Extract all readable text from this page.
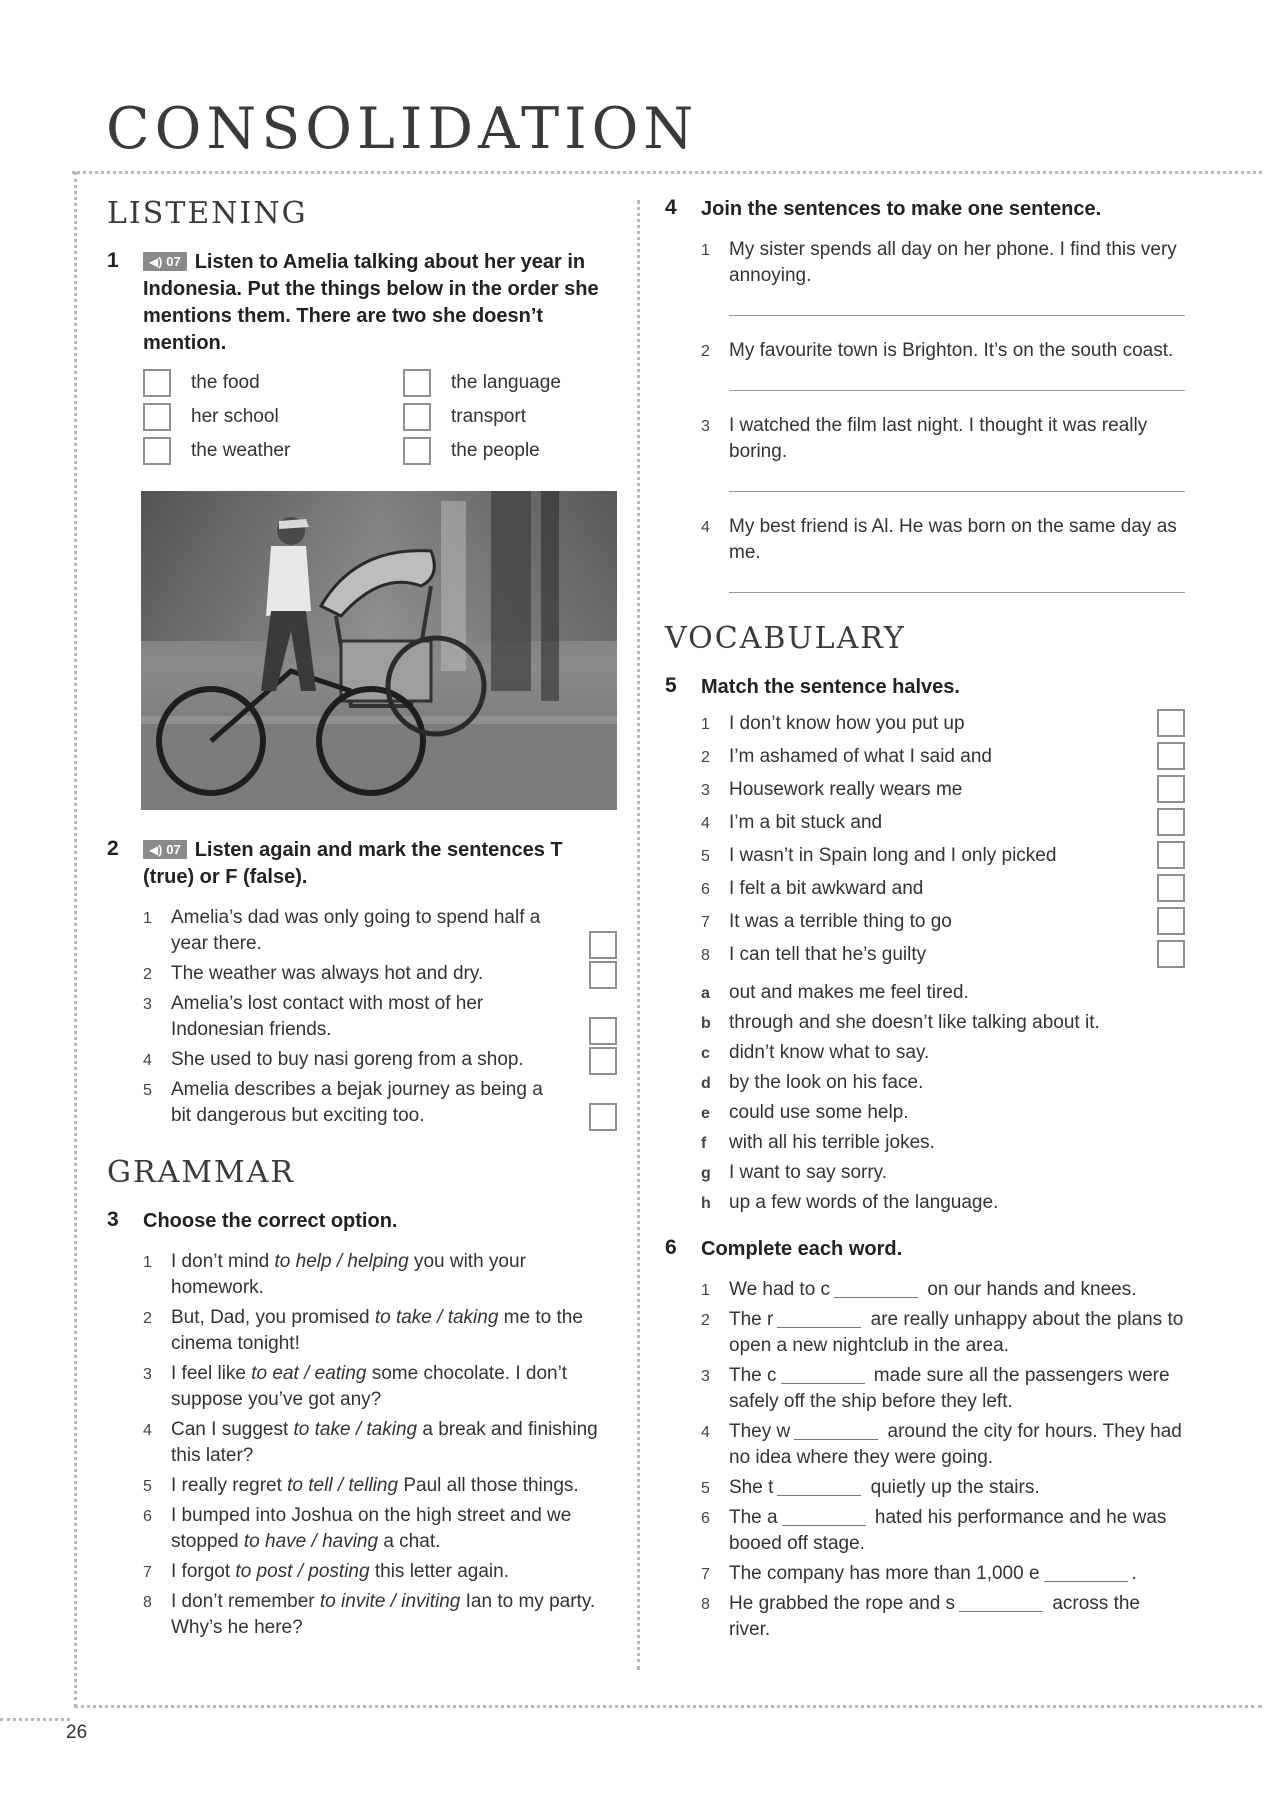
CONSOLIDATION
LISTENING
1	◀) 07 Listen to Amelia talking about her year in Indonesia. Put the things below in the order she mentions them. There are two she doesn’t mention.
the food	the language
her school	transport
the weather	the people
2	◀) 07 Listen again and mark the sentences T (true) or F (false).
1 Amelia’s dad was only going to spend half a year there.
2 The weather was always hot and dry.
3 Amelia’s lost contact with most of her Indonesian friends.
4 She used to buy nasi goreng from a shop.
5 Amelia describes a bejak journey as being a bit dangerous but exciting too.
GRAMMAR
3 Choose the correct option.
1 I don’t mind to help / helping you with your homework.
2 But, Dad, you promised to take / taking me to the cinema tonight!
3 I feel like to eat / eating some chocolate. I don’t suppose you’ve got any?
4 Can I suggest to take / taking a break and finishing this later?
5 I really regret to tell / telling Paul all those things.
6 I bumped into Joshua on the high street and we stopped to have / having a chat.
7 I forgot to post / posting this letter again.
8 I don’t remember to invite / inviting Ian to my party. Why’s he here?
4 Join the sentences to make one sentence.
1 My sister spends all day on her phone. I find this very annoying.
2 My favourite town is Brighton. It’s on the south coast.
3 I watched the film last night. I thought it was really boring.
4 My best friend is Al. He was born on the same day as me.
VOCABULARY
5 Match the sentence halves.
1 I don’t know how you put up
2 I’m ashamed of what I said and
3 Housework really wears me
4 I’m a bit stuck and
5 I wasn’t in Spain long and I only picked
6 I felt a bit awkward and
7 It was a terrible thing to go
8 I can tell that he’s guilty
a out and makes me feel tired.
b through and she doesn’t like talking about it.
c didn’t know what to say.
d by the look on his face.
e could use some help.
f with all his terrible jokes.
g I want to say sorry.
h up a few words of the language.
6 Complete each word.
1 We had to c	on our hands and knees.
2 The r	are really unhappy about the plans to open a new nightclub in the area.
3 The c	made sure all the passengers were safely off the ship before they left.
4 They w	around the city for hours. They had no idea where they were going.
5 She t	quietly up the stairs.
6 The a	hated his performance and he was booed off stage.
7 The company has more than 1,000 e	.
8 He grabbed the rope and s	across the river.
26
